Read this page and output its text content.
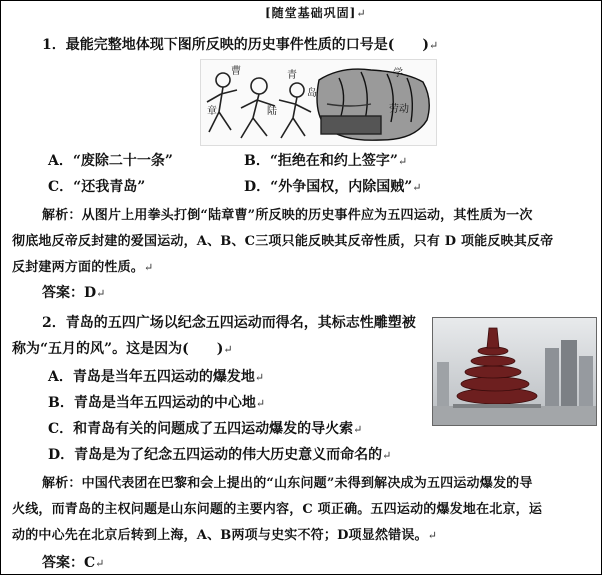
[随堂基础巩固]↵
1．最能完整地体现下图所反映的历史事件性质的口号是(　　)↵
章
曹
陆
青
岛
学
劳动
A．“废除二十一条”	B．“拒绝在和约上签字”↵
C．“还我青岛”	D．“外争国权，内除国贼”↵
解析：从图片上用拳头打倒“陆章曹”所反映的历史事件应为五四运动，其性质为一次
彻底地反帝反封建的爱国运动，A、B、C三项只能反映其反帝性质，只有 D 项能反映其反帝
反封建两方面的性质。↵
答案：D↵
2．青岛的五四广场以纪念五四运动而得名，其标志性雕塑被
称为“五月的风”。这是因为(　　)↵
A．青岛是当年五四运动的爆发地↵
B．青岛是当年五四运动的中心地↵
C．和青岛有关的问题成了五四运动爆发的导火索↵
D．青岛是为了纪念五四运动的伟大历史意义而命名的↵
解析：中国代表团在巴黎和会上提出的“山东问题”未得到解决成为五四运动爆发的导
火线，而青岛的主权问题是山东问题的主要内容，C 项正确。五四运动的爆发地在北京，运
动的中心先在北京后转到上海，A、B两项与史实不符；D项显然错误。↵
答案：C↵
